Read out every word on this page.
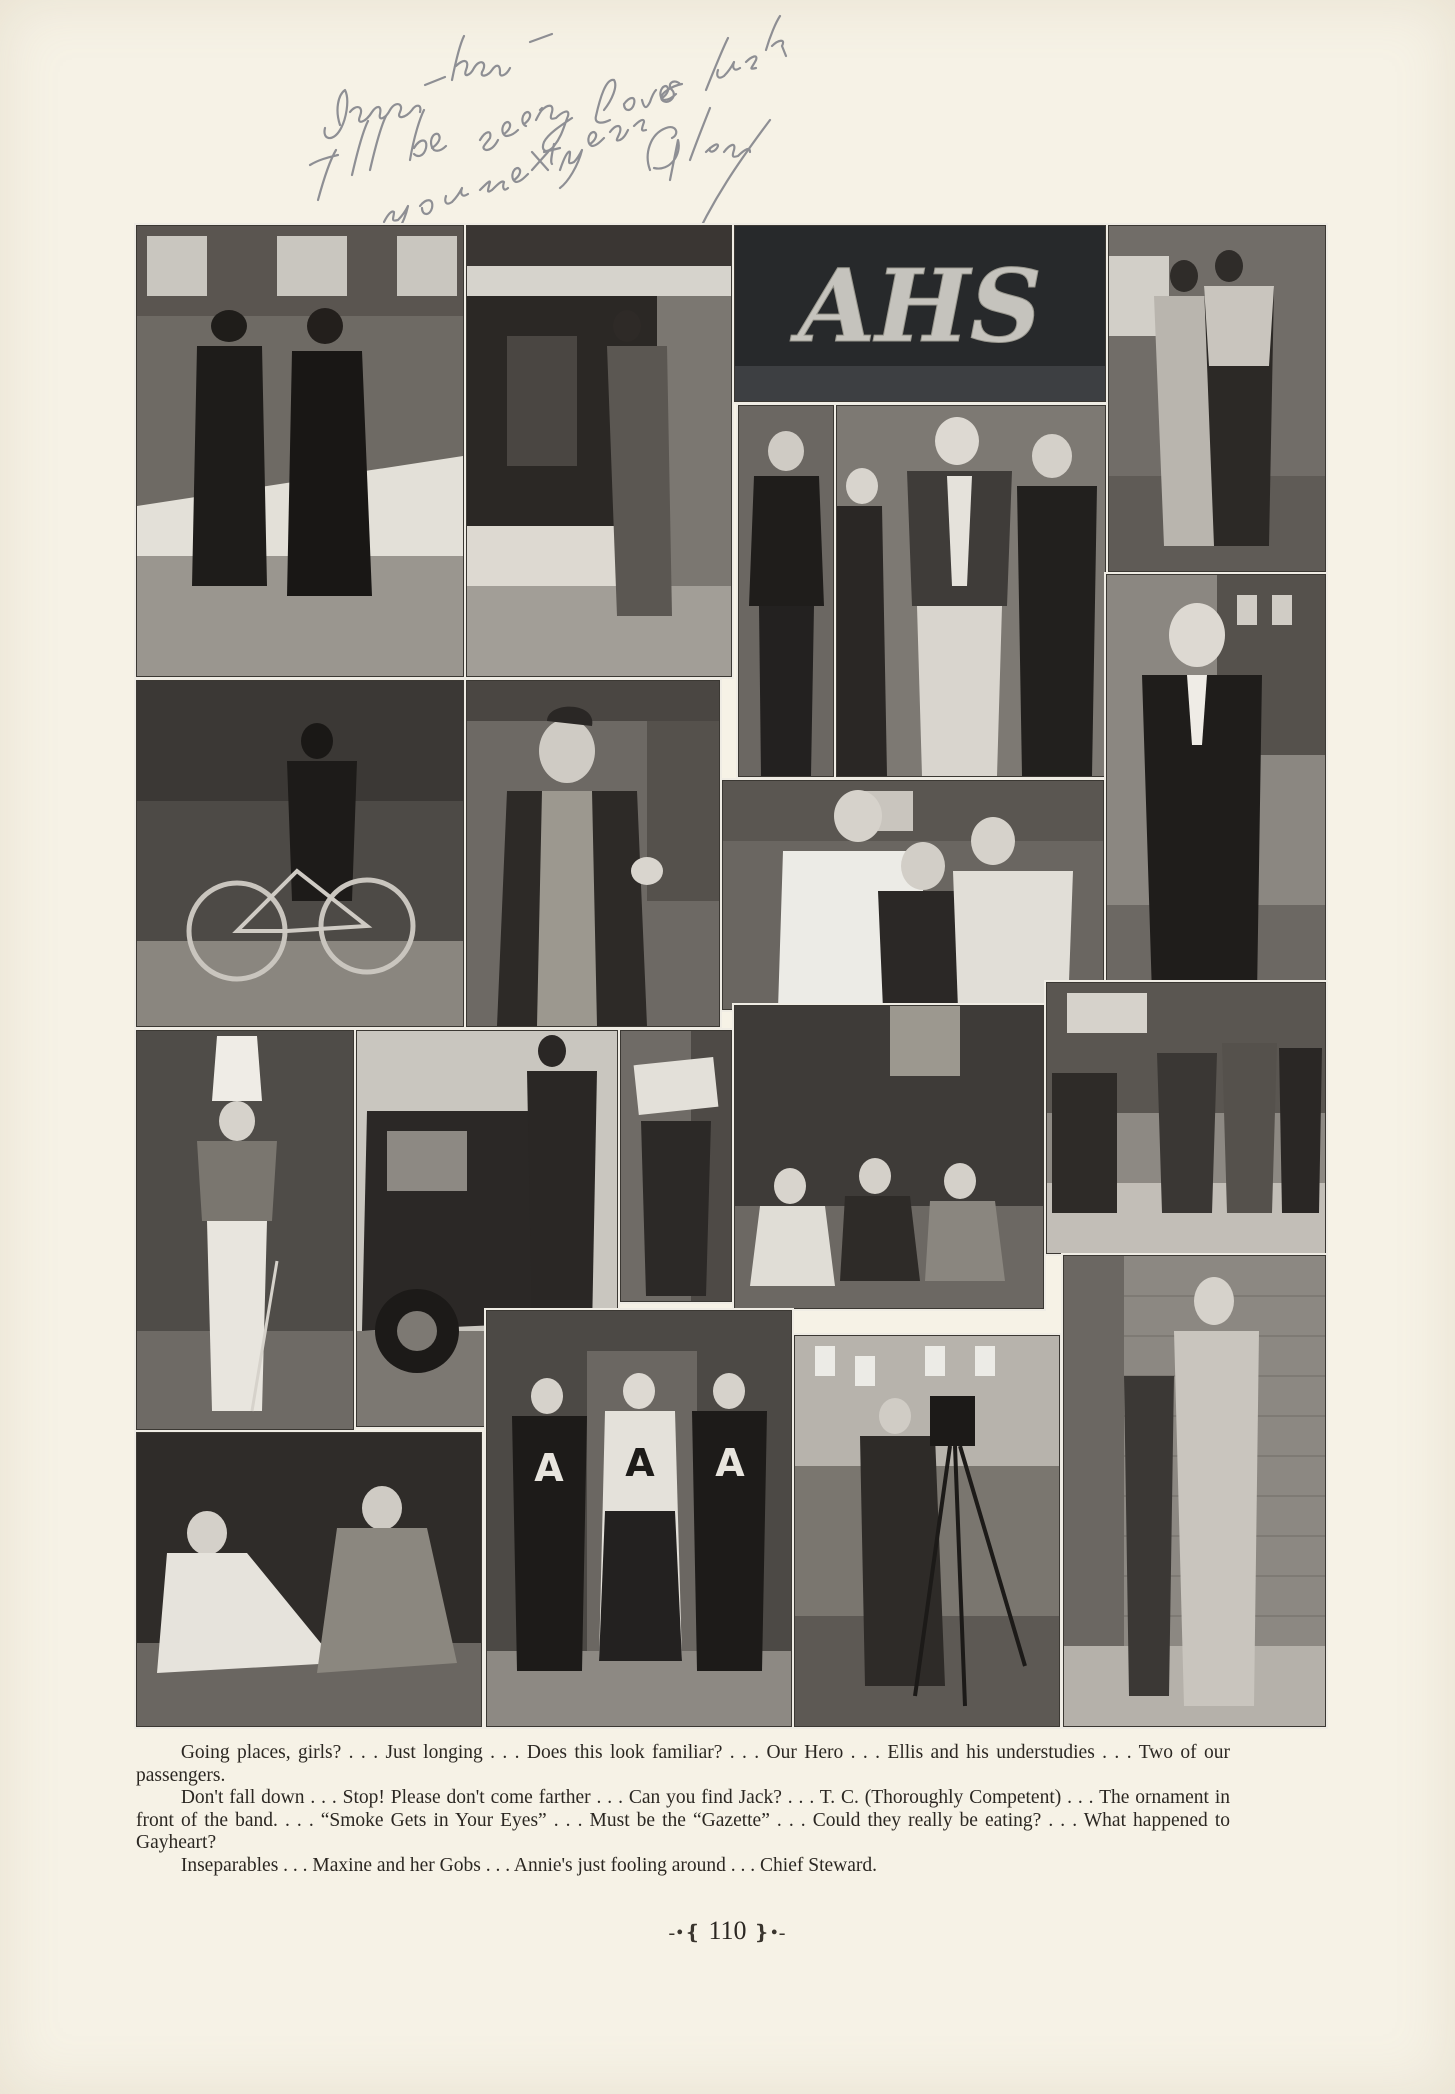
AHS
A A A

Going places, girls? . . . Just longing . . . Does this look familiar? . . . Our Hero . . . Ellis and his understudies . . . Two of our passengers.

Don't fall down . . . Stop! Please don't come farther . . . Can you find Jack? . . . T. C. (Thoroughly Competent) . . . The ornament in front of the band. . . . “Smoke Gets in Your Eyes” . . . Must be the “Gazette” . . . Could they really be eating? . . . What happened to Gayheart?

Inseparables . . . Maxine and her Gobs . . . Annie's just fooling around . . . Chief Steward.

-•❴ 110 ❵•-
